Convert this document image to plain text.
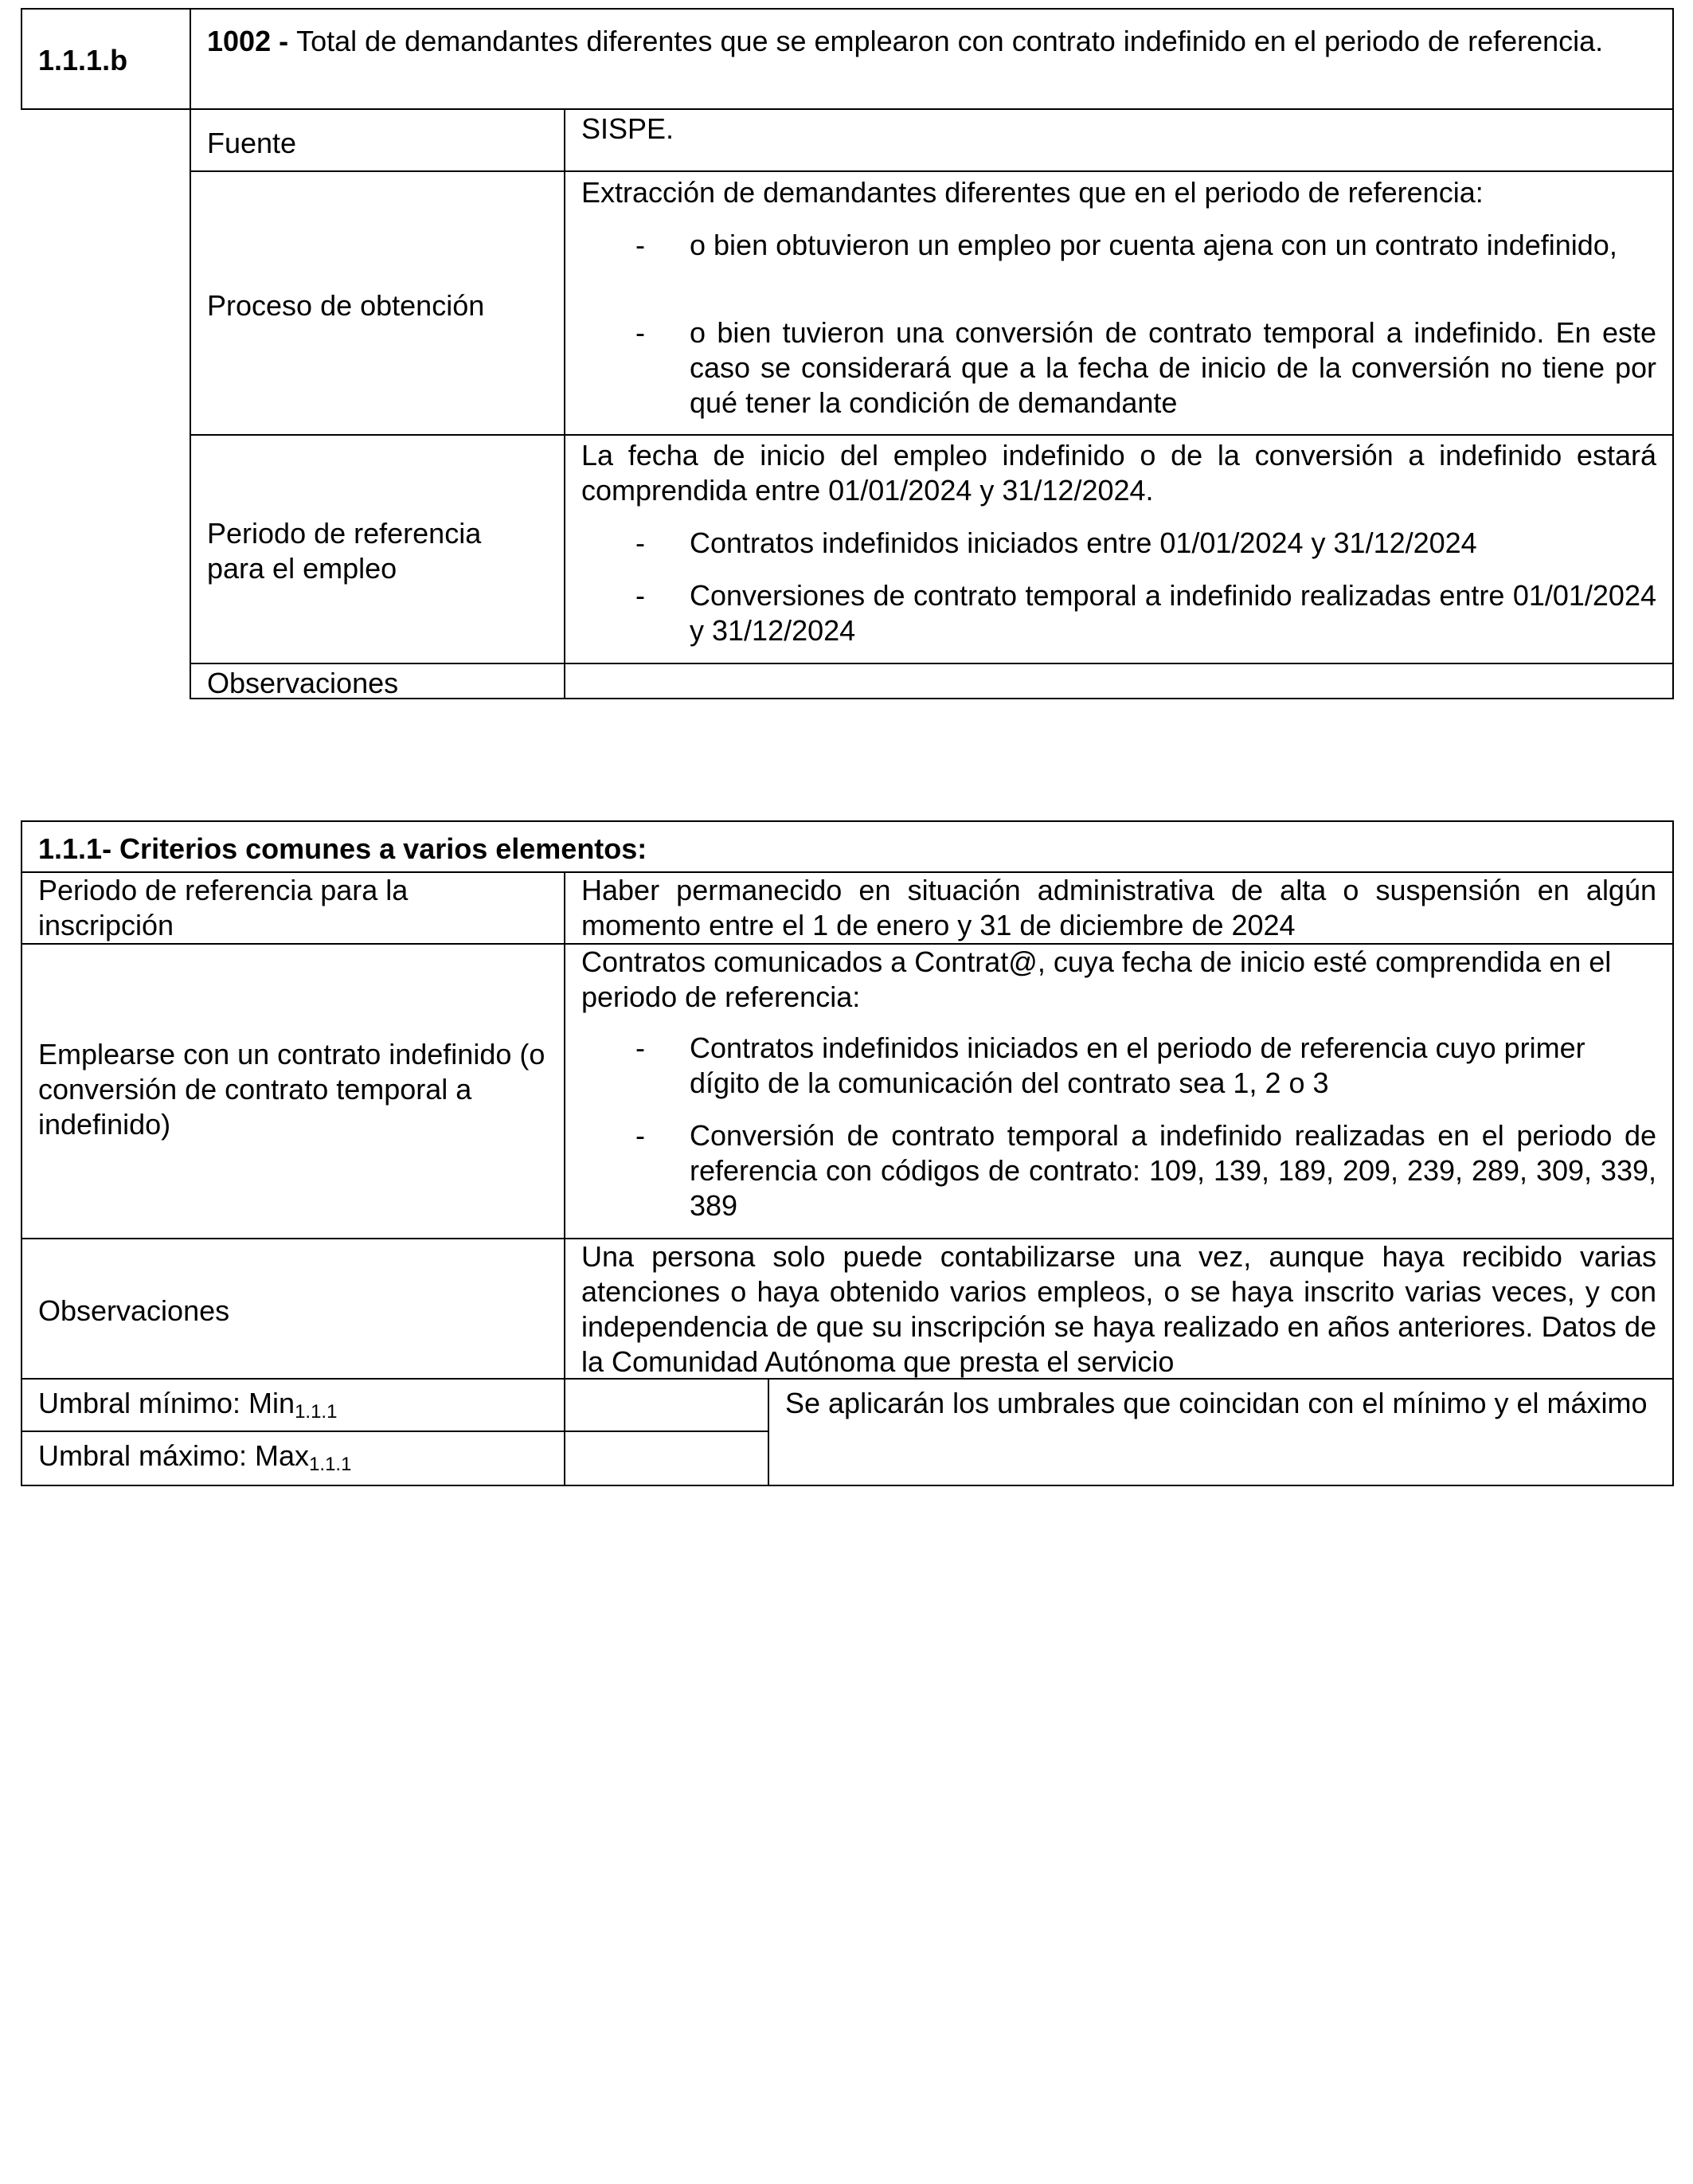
1.1.1.b
1002 - Total de demandantes diferentes que se emplearon con contrato indefinido en el periodo de referencia.
Fuente	SISPE.
Proceso de obtención
Extracción de demandantes diferentes que en el periodo de referencia:
- o bien obtuvieron un empleo por cuenta ajena con un contrato indefinido,
- o bien tuvieron una conversión de contrato temporal a indefinido. En este caso se considerará que a la fecha de inicio de la conversión no tiene por qué tener la condición de demandante
Periodo de referencia para el empleo
La fecha de inicio del empleo indefinido o de la conversión a indefinido estará comprendida entre 01/01/2024 y 31/12/2024.
- Contratos indefinidos iniciados entre 01/01/2024 y 31/12/2024
- Conversiones de contrato temporal a indefinido realizadas entre 01/01/2024 y 31/12/2024
Observaciones
1.1.1- Criterios comunes a varios elementos:
Periodo de referencia para la inscripción
Haber permanecido en situación administrativa de alta o suspensión en algún momento entre el 1 de enero y 31 de diciembre de 2024
Emplearse con un contrato indefinido (o conversión de contrato temporal a indefinido)
Contratos comunicados a Contrat@, cuya fecha de inicio esté comprendida en el periodo de referencia:
- Contratos indefinidos iniciados en el periodo de referencia cuyo primer dígito de la comunicación del contrato sea 1, 2 o 3
- Conversión de contrato temporal a indefinido realizadas en el periodo de referencia con códigos de contrato: 109, 139, 189, 209, 239, 289, 309, 339, 389
Observaciones
Una persona solo puede contabilizarse una vez, aunque haya recibido varias atenciones o haya obtenido varios empleos, o se haya inscrito varias veces, y con independencia de que su inscripción se haya realizado en años anteriores. Datos de la Comunidad Autónoma que presta el servicio
Umbral mínimo: Min$_{1.1.1}$
Umbral máximo: Max$_{1.1.1}$
Se aplicarán los umbrales que coincidan con el mínimo y el máximo
